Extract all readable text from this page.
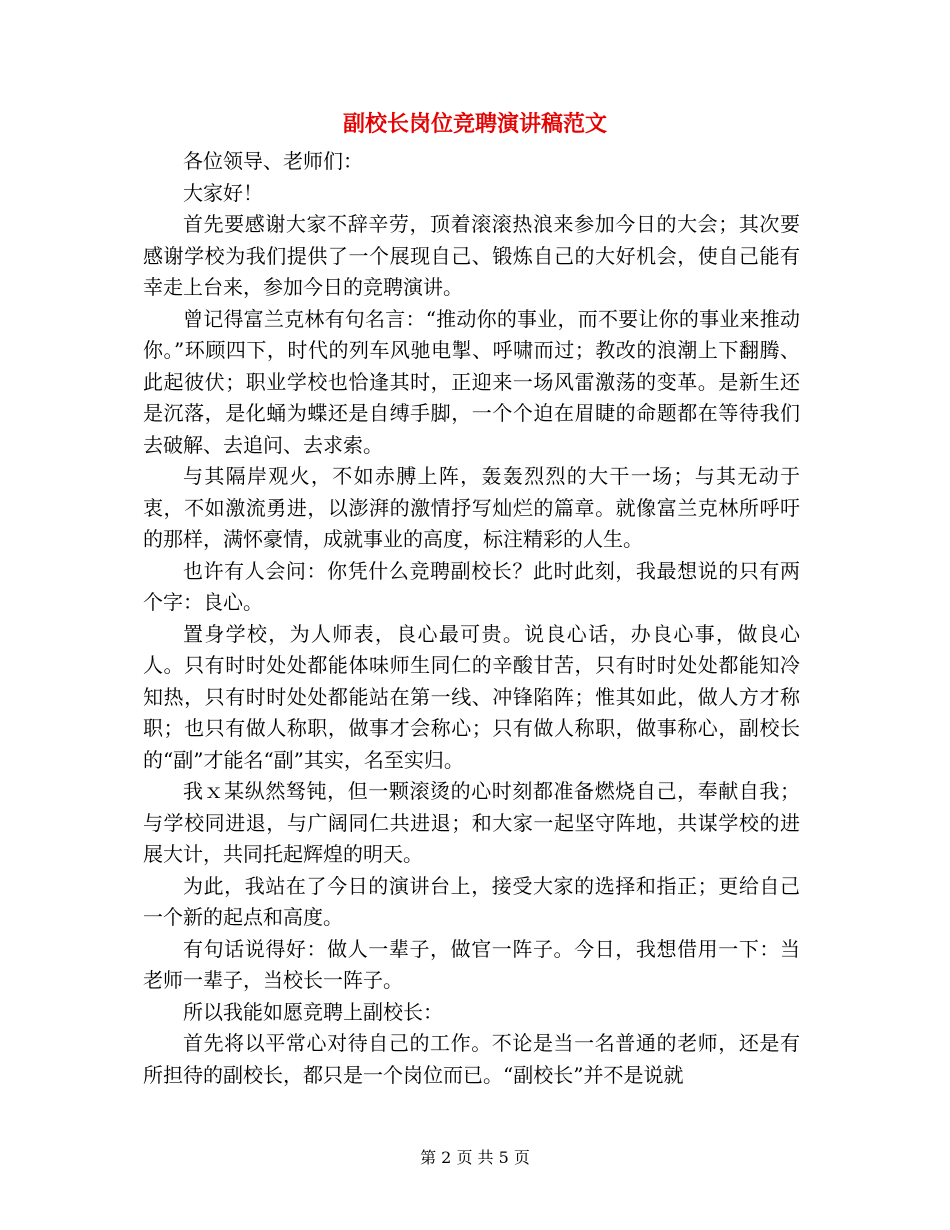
副校长岗位竞聘演讲稿范文

各位领导、老师们：

大家好！

首先要感谢大家不辞辛劳，顶着滚滚热浪来参加今日的大会；其次要感谢学校为我们提供了一个展现自己、锻炼自己的大好机会，使自己能有幸走上台来，参加今日的竞聘演讲。

曾记得富兰克林有句名言：“推动你的事业，而不要让你的事业来推动你。”环顾四下，时代的列车风驰电掣、呼啸而过；教改的浪潮上下翻腾、此起彼伏；职业学校也恰逢其时，正迎来一场风雷激荡的变革。是新生还是沉落，是化蛹为蝶还是自缚手脚，一个个迫在眉睫的命题都在等待我们去破解、去追问、去求索。

与其隔岸观火，不如赤膊上阵，轰轰烈烈的大干一场；与其无动于衷，不如激流勇进，以澎湃的激情抒写灿烂的篇章。就像富兰克林所呼吁的那样，满怀豪情，成就事业的高度，标注精彩的人生。

也许有人会问：你凭什么竞聘副校长？此时此刻，我最想说的只有两个字：良心。

置身学校，为人师表，良心最可贵。说良心话，办良心事，做良心人。只有时时处处都能体味师生同仁的辛酸甘苦，只有时时处处都能知冷知热，只有时时处处都能站在第一线、冲锋陷阵；惟其如此，做人方才称职；也只有做人称职，做事才会称心；只有做人称职，做事称心，副校长的“副”才能名“副”其实，名至实归。

我ｘ某纵然驽钝，但一颗滚烫的心时刻都准备燃烧自己，奉献自我；与学校同进退，与广阔同仁共进退；和大家一起坚守阵地，共谋学校的进展大计，共同托起辉煌的明天。

为此，我站在了今日的演讲台上，接受大家的选择和指正；更给自己一个新的起点和高度。

有句话说得好：做人一辈子，做官一阵子。今日，我想借用一下：当老师一辈子，当校长一阵子。

所以我能如愿竞聘上副校长：

首先将以平常心对待自己的工作。不论是当一名普通的老师，还是有所担待的副校长，都只是一个岗位而已。“副校长”并不是说就

第 2 页 共 5 页
